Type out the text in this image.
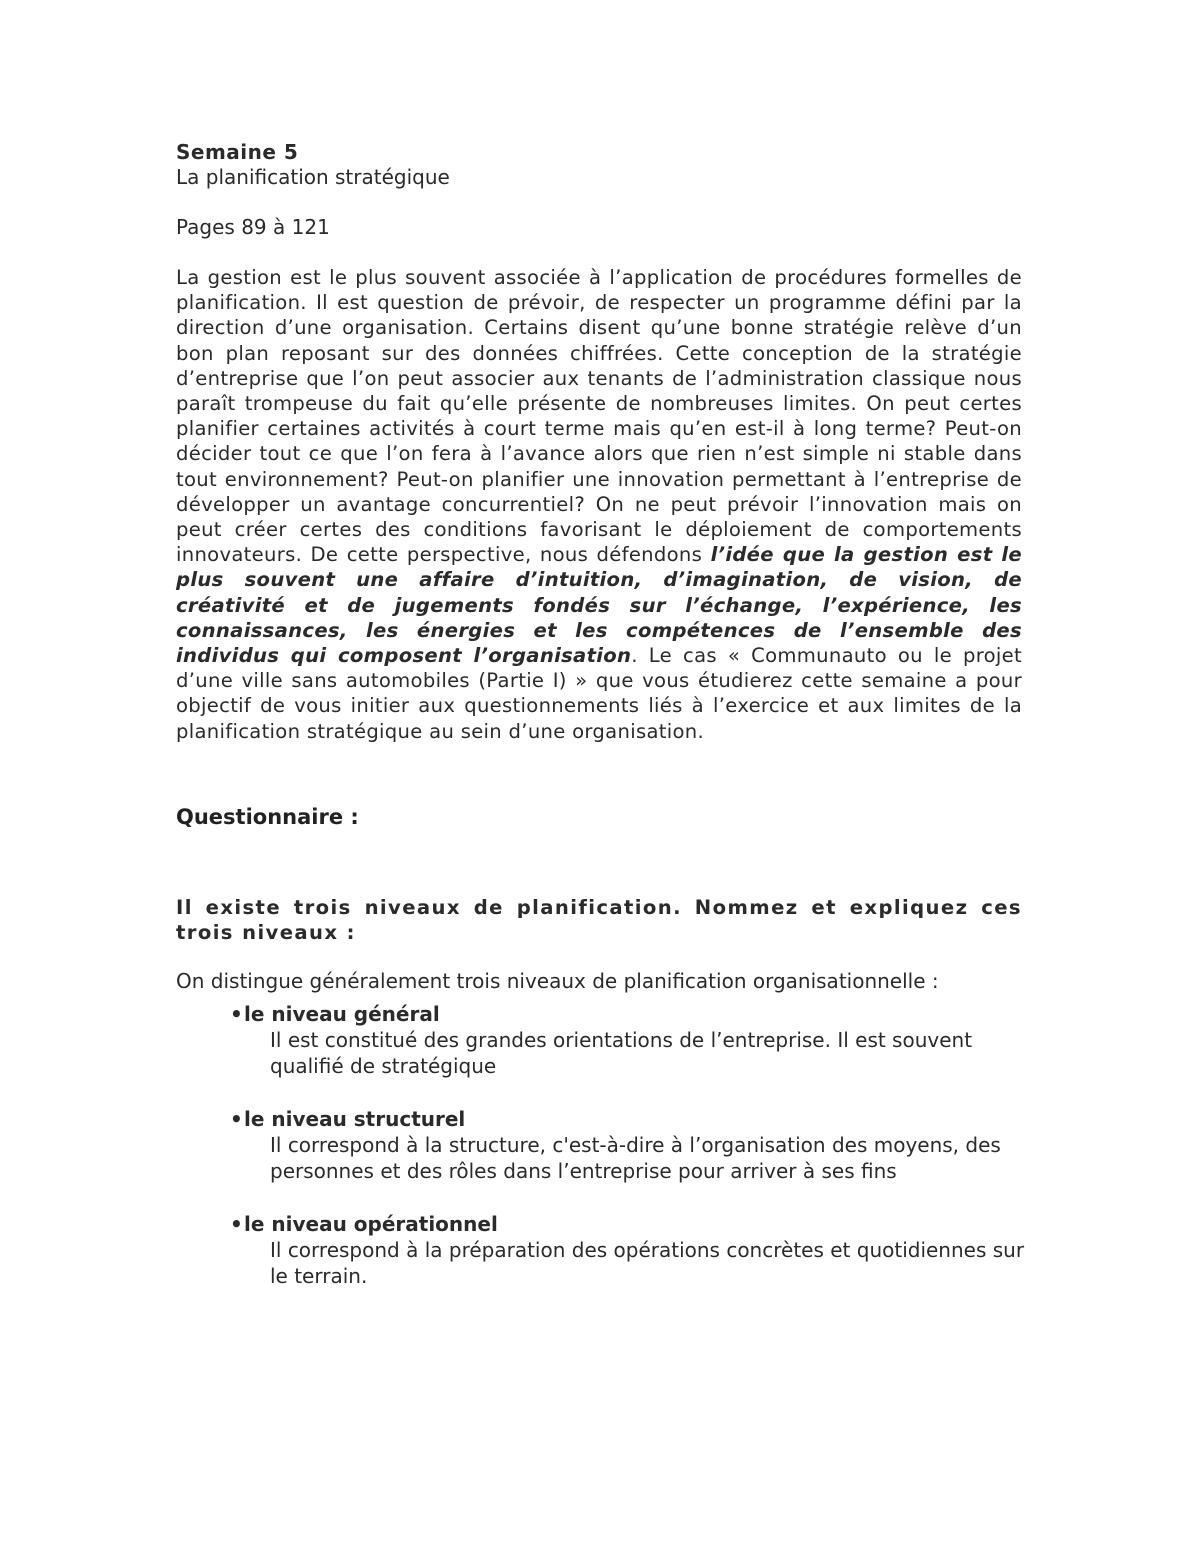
Semaine 5
La planification stratégique
Pages 89 à 121
La gestion est le plus souvent associée à l’application de procédures formelles de planification. Il est question de prévoir, de respecter un programme défini par la direction d’une organisation. Certains disent qu’une bonne stratégie relève d’un bon plan reposant sur des données chiffrées. Cette conception de la stratégie d’entreprise que l’on peut associer aux tenants de l’administration classique nous paraît trompeuse du fait qu’elle présente de nombreuses limites. On peut certes planifier certaines activités à court terme mais qu’en est-il à long terme? Peut-on décider tout ce que l’on fera à l’avance alors que rien n’est simple ni stable dans tout environnement? Peut-on planifier une innovation permettant à l’entreprise de développer un avantage concurrentiel? On ne peut prévoir l’innovation mais on peut créer certes des conditions favorisant le déploiement de comportements innovateurs. De cette perspective, nous défendons l’idée que la gestion est le plus souvent une affaire d’intuition, d’imagination, de vision, de créativité et de jugements fondés sur l’échange, l’expérience, les connaissances, les énergies et les compétences de l’ensemble des individus qui composent l’organisation. Le cas « Communauto ou le projet d’une ville sans automobiles (Partie I) » que vous étudierez cette semaine a pour objectif de vous initier aux questionnements liés à l’exercice et aux limites de la planification stratégique au sein d’une organisation.
Questionnaire :
Il existe trois niveaux de planification. Nommez et expliquez ces trois niveaux :
On distingue généralement trois niveaux de planification organisationnelle :
•le niveau général
Il est constitué des grandes orientations de l’entreprise. Il est souvent qualifié de stratégique
•le niveau structurel
Il correspond à la structure, c'est-à-dire à l’organisation des moyens, des personnes et des rôles dans l’entreprise pour arriver à ses fins
•le niveau opérationnel
Il correspond à la préparation des opérations concrètes et quotidiennes sur le terrain.
